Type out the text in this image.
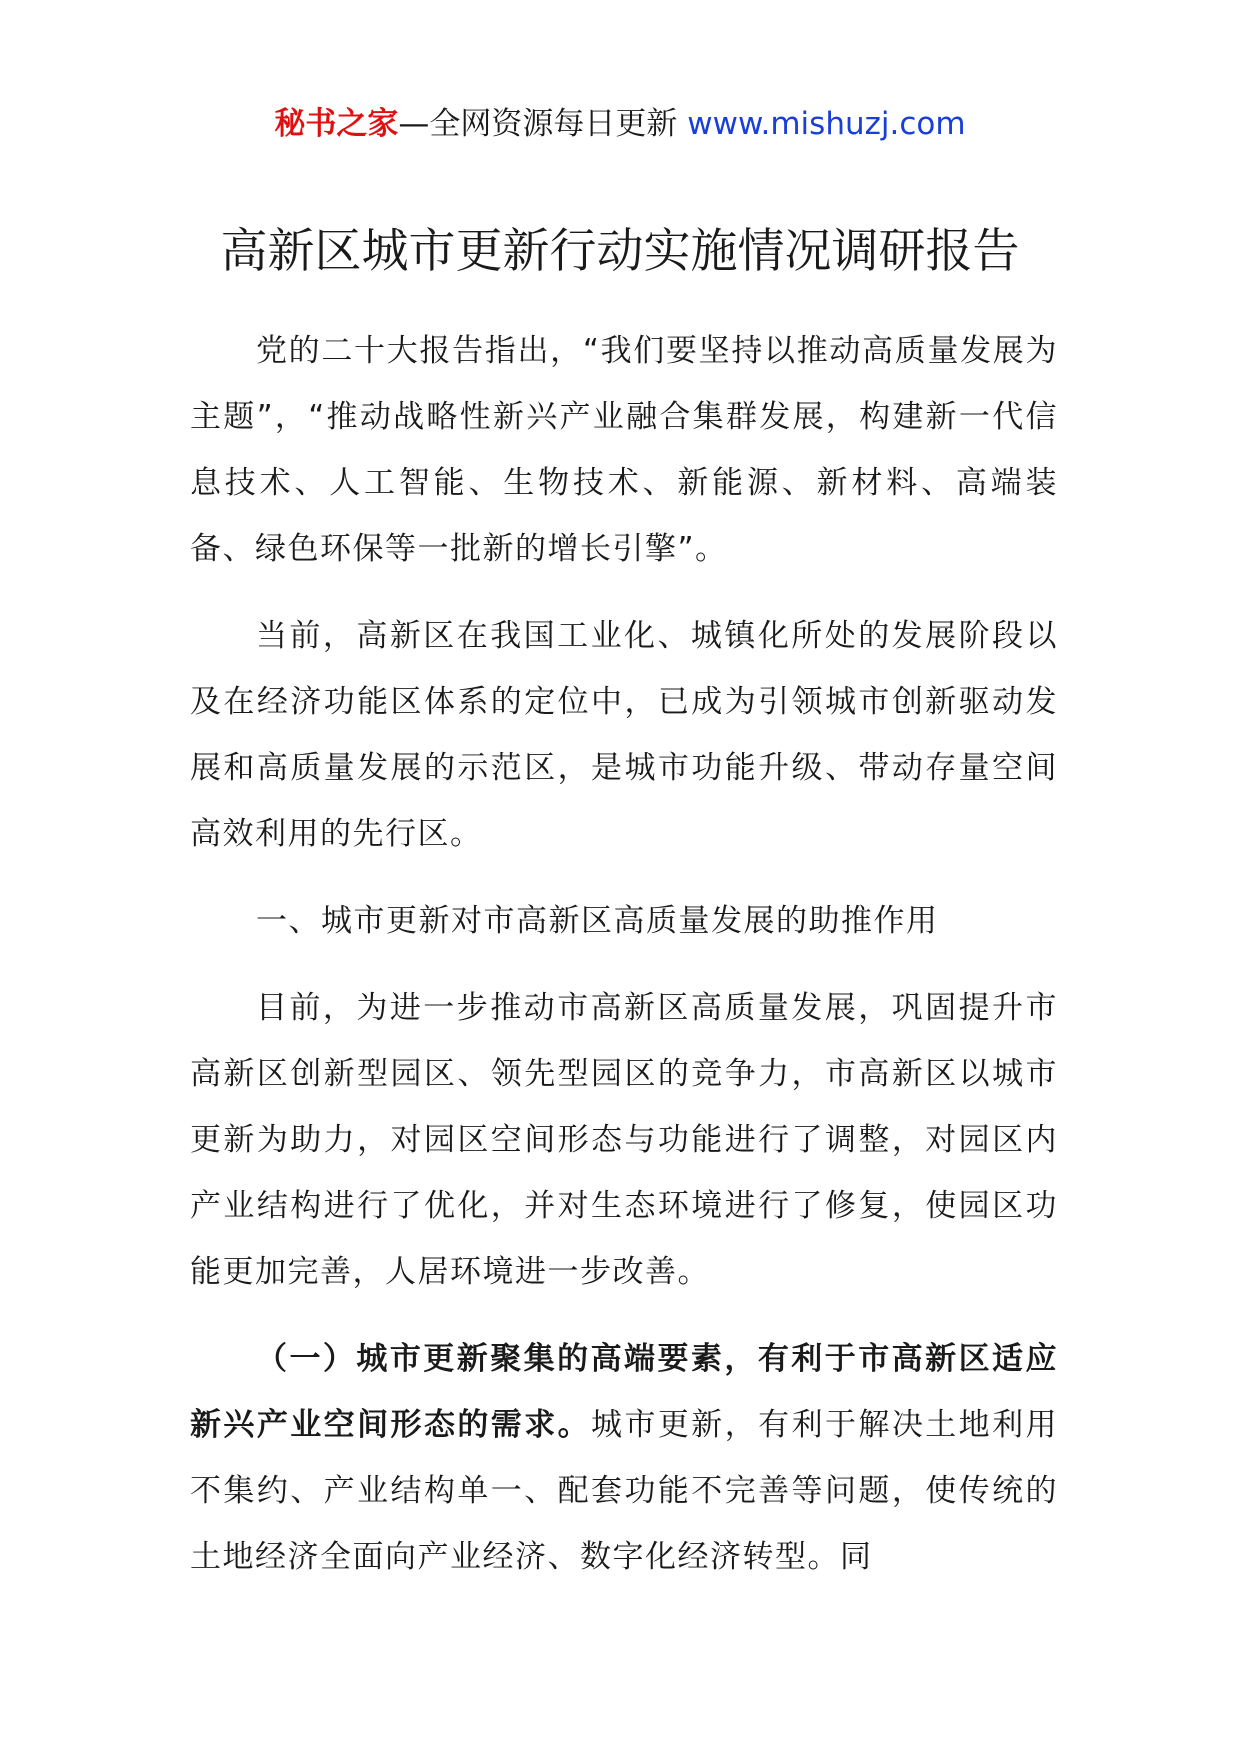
秘书之家—全网资源每日更新 www.mishuzj.com
高新区城市更新行动实施情况调研报告

党的二十大报告指出，“我们要坚持以推动高质量发展为主题”，“推动战略性新兴产业融合集群发展，构建新一代信息技术、人工智能、生物技术、新能源、新材料、高端装备、绿色环保等一批新的增长引擎”。

当前，高新区在我国工业化、城镇化所处的发展阶段以及在经济功能区体系的定位中，已成为引领城市创新驱动发展和高质量发展的示范区，是城市功能升级、带动存量空间高效利用的先行区。

一、城市更新对市高新区高质量发展的助推作用

目前，为进一步推动市高新区高质量发展，巩固提升市高新区创新型园区、领先型园区的竞争力，市高新区以城市更新为助力，对园区空间形态与功能进行了调整，对园区内产业结构进行了优化，并对生态环境进行了修复，使园区功能更加完善，人居环境进一步改善。

（一）城市更新聚集的高端要素，有利于市高新区适应新兴产业空间形态的需求。城市更新，有利于解决土地利用不集约、产业结构单一、配套功能不完善等问题，使传统的土地经济全面向产业经济、数字化经济转型。同
